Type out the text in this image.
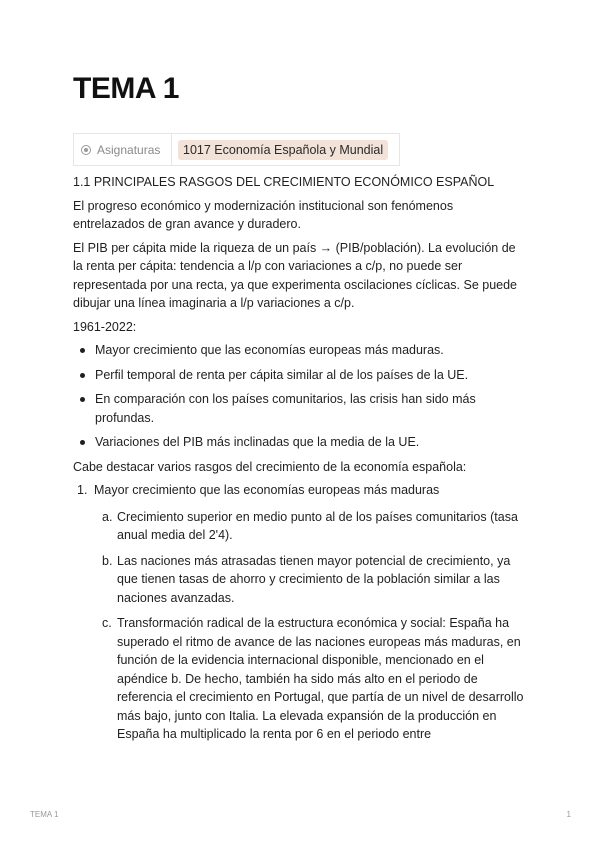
TEMA 1
Asignaturas	1017 Economía Española y Mundial

1.1 PRINCIPALES RASGOS DEL CRECIMIENTO ECONÓMICO ESPAÑOL

El progreso económico y modernización institucional son fenómenos entrelazados de gran avance y duradero.

El PIB per cápita mide la riqueza de un país → (PIB/población). La evolución de la renta per cápita: tendencia a l/p con variaciones a c/p, no puede ser representada por una recta, ya que experimenta oscilaciones cíclicas. Se puede dibujar una línea imaginaria a l/p variaciones a c/p.

1961-2022:

Mayor crecimiento que las economías europeas más maduras.
Perfil temporal de renta per cápita similar al de los países de la UE.
En comparación con los países comunitarios, las crisis han sido más profundas.
Variaciones del PIB más inclinadas que la media de la UE.

Cabe destacar varios rasgos del crecimiento de la economía española:

1. Mayor crecimiento que las economías europeas más maduras
a. Crecimiento superior en medio punto al de los países comunitarios (tasa anual media del 2'4).
b. Las naciones más atrasadas tienen mayor potencial de crecimiento, ya que tienen tasas de ahorro y crecimiento de la población similar a las naciones avanzadas.
c. Transformación radical de la estructura económica y social: España ha superado el ritmo de avance de las naciones europeas más maduras, en función de la evidencia internacional disponible, mencionado en el apéndice b. De hecho, también ha sido más alto en el periodo de referencia el crecimiento en Portugal, que partía de un nivel de desarrollo más bajo, junto con Italia. La elevada expansión de la producción en España ha multiplicado la renta por 6 en el periodo entre
TEMA 1	1
